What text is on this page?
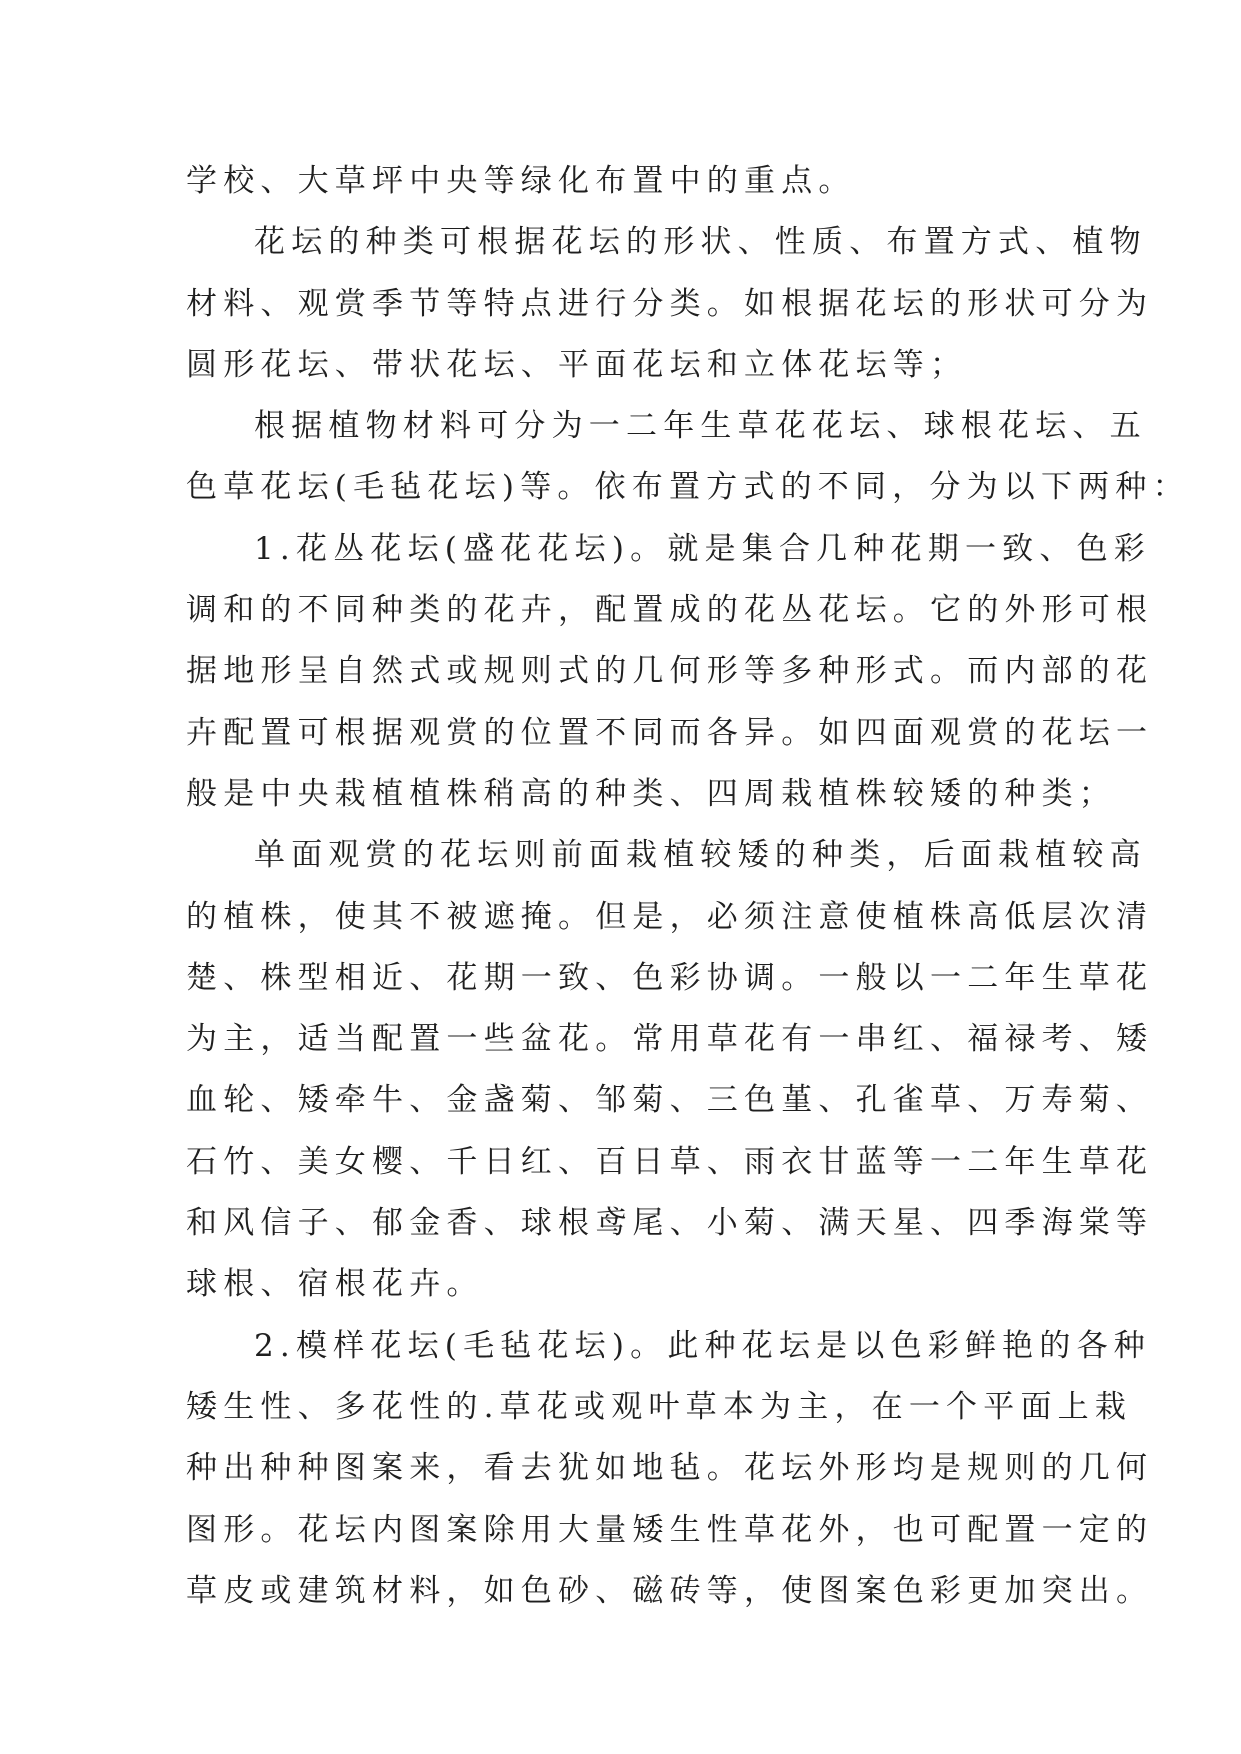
学校、大草坪中央等绿化布置中的重点。
花坛的种类可根据花坛的形状、性质、布置方式、植物
材料、观赏季节等特点进行分类。如根据花坛的形状可分为
圆形花坛、带状花坛、平面花坛和立体花坛等；
根据植物材料可分为一二年生草花花坛、球根花坛、五
色草花坛(毛毡花坛)等。依布置方式的不同，分为以下两种：
1.花丛花坛(盛花花坛)。就是集合几种花期一致、色彩
调和的不同种类的花卉，配置成的花丛花坛。它的外形可根
据地形呈自然式或规则式的几何形等多种形式。而内部的花
卉配置可根据观赏的位置不同而各异。如四面观赏的花坛一
般是中央栽植植株稍高的种类、四周栽植株较矮的种类；
单面观赏的花坛则前面栽植较矮的种类，后面栽植较高
的植株，使其不被遮掩。但是，必须注意使植株高低层次清
楚、株型相近、花期一致、色彩协调。一般以一二年生草花
为主，适当配置一些盆花。常用草花有一串红、福禄考、矮
血轮、矮牵牛、金盏菊、邹菊、三色堇、孔雀草、万寿菊、
石竹、美女樱、千日红、百日草、雨衣甘蓝等一二年生草花
和风信子、郁金香、球根鸢尾、小菊、满天星、四季海棠等
球根、宿根花卉。
2.模样花坛(毛毡花坛)。此种花坛是以色彩鲜艳的各种
矮生性、多花性的.草花或观叶草本为主，在一个平面上栽
种出种种图案来，看去犹如地毡。花坛外形均是规则的几何
图形。花坛内图案除用大量矮生性草花外，也可配置一定的
草皮或建筑材料，如色砂、磁砖等，使图案色彩更加突出。
